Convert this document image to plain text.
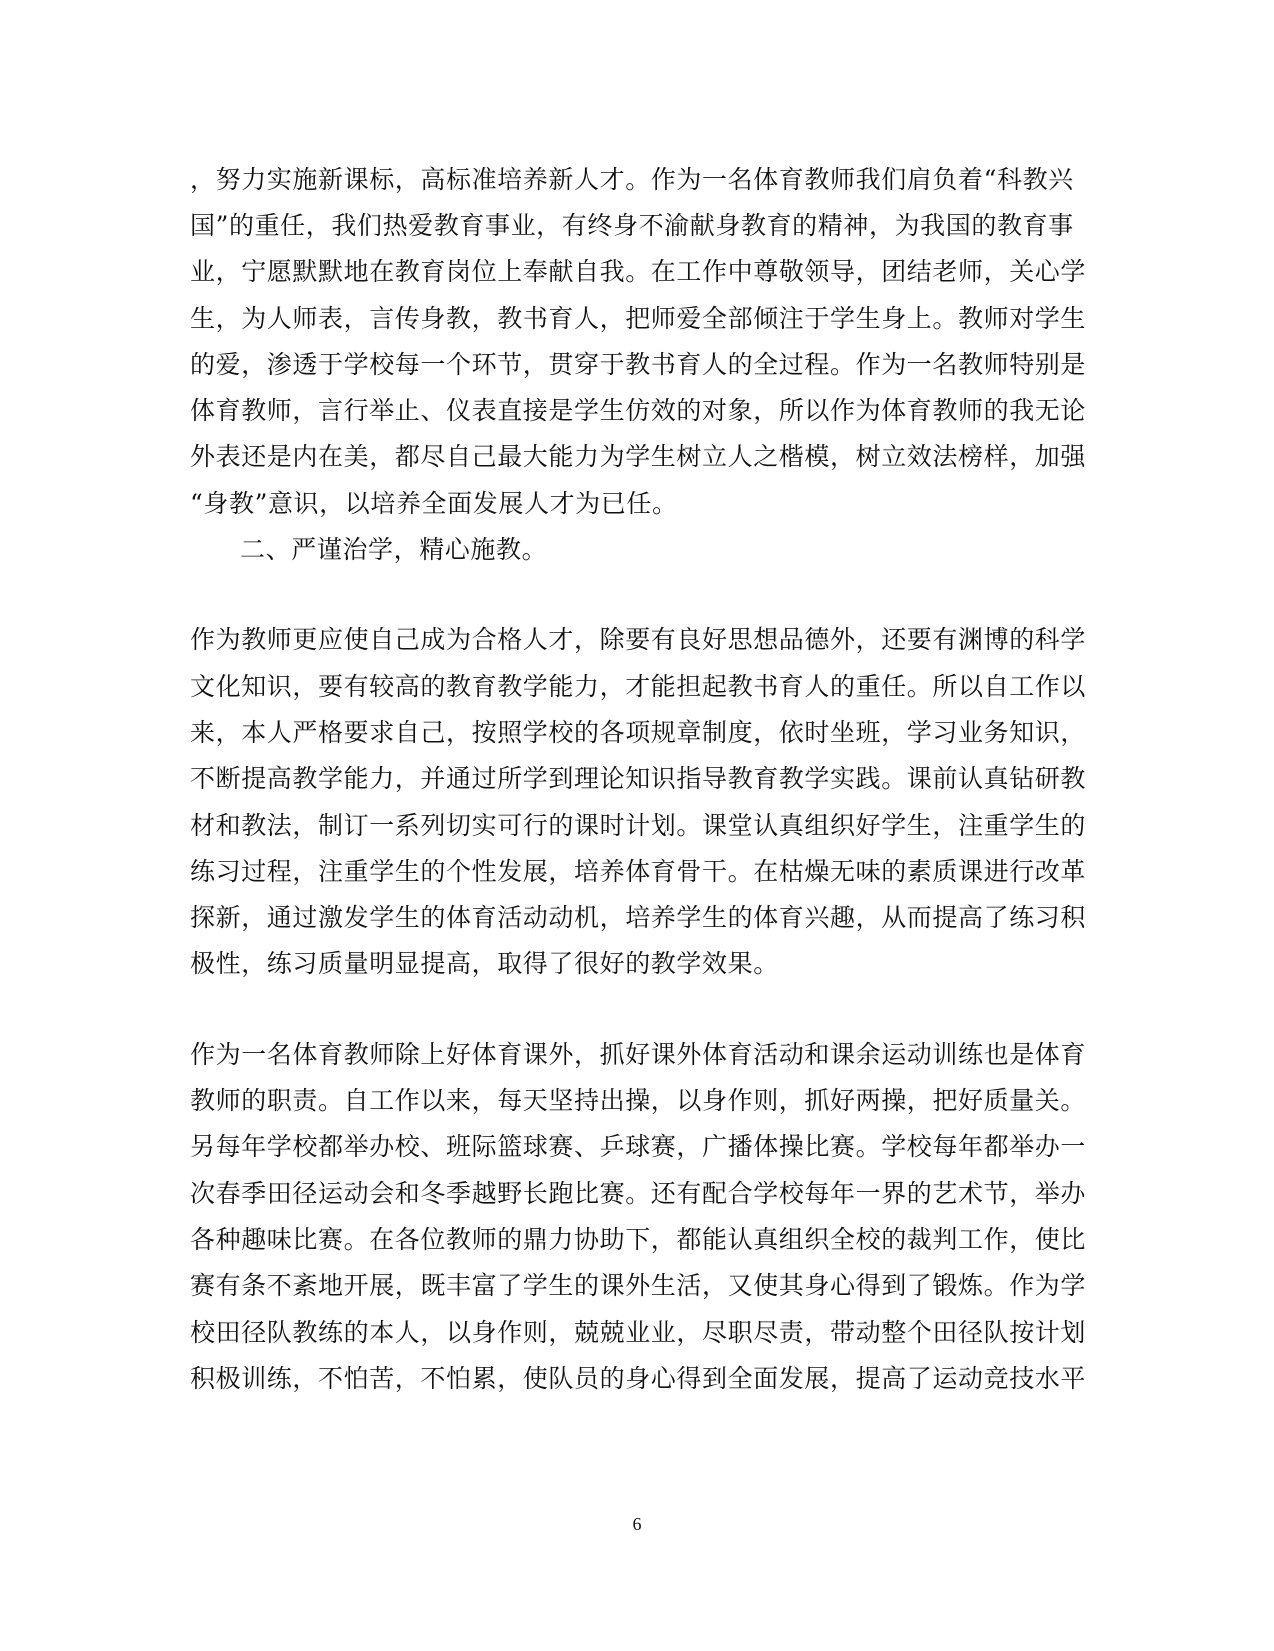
，努力实施新课标，高标准培养新人才。作为一名体育教师我们肩负着“科教兴
国”的重任，我们热爱教育事业，有终身不渝献身教育的精神，为我国的教育事
业，宁愿默默地在教育岗位上奉献自我。在工作中尊敬领导，团结老师，关心学
生，为人师表，言传身教，教书育人，把师爱全部倾注于学生身上。教师对学生
的爱，渗透于学校每一个环节，贯穿于教书育人的全过程。作为一名教师特别是
体育教师，言行举止、仪表直接是学生仿效的对象，所以作为体育教师的我无论
外表还是内在美，都尽自己最大能力为学生树立人之楷模，树立效法榜样，加强
“身教”意识，以培养全面发展人才为已任。
二、严谨治学，精心施教。
作为教师更应使自己成为合格人才，除要有良好思想品德外，还要有渊博的科学
文化知识，要有较高的教育教学能力，才能担起教书育人的重任。所以自工作以
来，本人严格要求自己，按照学校的各项规章制度，依时坐班，学习业务知识，
不断提高教学能力，并通过所学到理论知识指导教育教学实践。课前认真钻研教
材和教法，制订一系列切实可行的课时计划。课堂认真组织好学生，注重学生的
练习过程，注重学生的个性发展，培养体育骨干。在枯燥无味的素质课进行改革
探新，通过激发学生的体育活动动机，培养学生的体育兴趣，从而提高了练习积
极性，练习质量明显提高，取得了很好的教学效果。
作为一名体育教师除上好体育课外，抓好课外体育活动和课余运动训练也是体育
教师的职责。自工作以来，每天坚持出操，以身作则，抓好两操，把好质量关。
另每年学校都举办校、班际篮球赛、乒球赛，广播体操比赛。学校每年都举办一
次春季田径运动会和冬季越野长跑比赛。还有配合学校每年一界的艺术节，举办
各种趣味比赛。在各位教师的鼎力协助下，都能认真组织全校的裁判工作，使比
赛有条不紊地开展，既丰富了学生的课外生活，又使其身心得到了锻炼。作为学
校田径队教练的本人，以身作则，兢兢业业，尽职尽责，带动整个田径队按计划
积极训练，不怕苦，不怕累，使队员的身心得到全面发展，提高了运动竞技水平
6
